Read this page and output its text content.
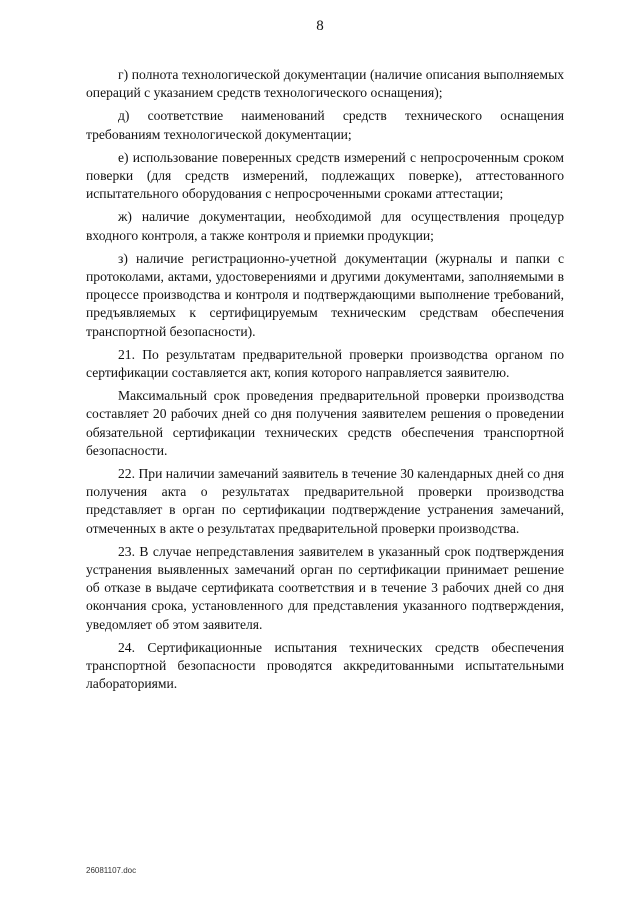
8

г) полнота технологической документации (наличие описания выполняемых операций с указанием средств технологического оснащения);

д) соответствие наименований средств технического оснащения требованиям технологической документации;

е) использование поверенных средств измерений с непросроченным сроком поверки (для средств измерений, подлежащих поверке), аттестованного испытательного оборудования с непросроченными сроками аттестации;

ж) наличие документации, необходимой для осуществления процедур входного контроля, а также контроля и приемки продукции;

з) наличие регистрационно-учетной документации (журналы и папки с протоколами, актами, удостоверениями и другими документами, заполняемыми в процессе производства и контроля и подтверждающими выполнение требований, предъявляемых к сертифицируемым техническим средствам обеспечения транспортной безопасности).

21. По результатам предварительной проверки производства органом по сертификации составляется акт, копия которого направляется заявителю.

Максимальный срок проведения предварительной проверки производства составляет 20 рабочих дней со дня получения заявителем решения о проведении обязательной сертификации технических средств обеспечения транспортной безопасности.

22. При наличии замечаний заявитель в течение 30 календарных дней со дня получения акта о результатах предварительной проверки производства представляет в орган по сертификации подтверждение устранения замечаний, отмеченных в акте о результатах предварительной проверки производства.

23. В случае непредставления заявителем в указанный срок подтверждения устранения выявленных замечаний орган по сертификации принимает решение об отказе в выдаче сертификата соответствия и в течение 3 рабочих дней со дня окончания срока, установленного для представления указанного подтверждения, уведомляет об этом заявителя.

24. Сертификационные испытания технических средств обеспечения транспортной безопасности проводятся аккредитованными испытательными лабораториями.

26081107.doc
